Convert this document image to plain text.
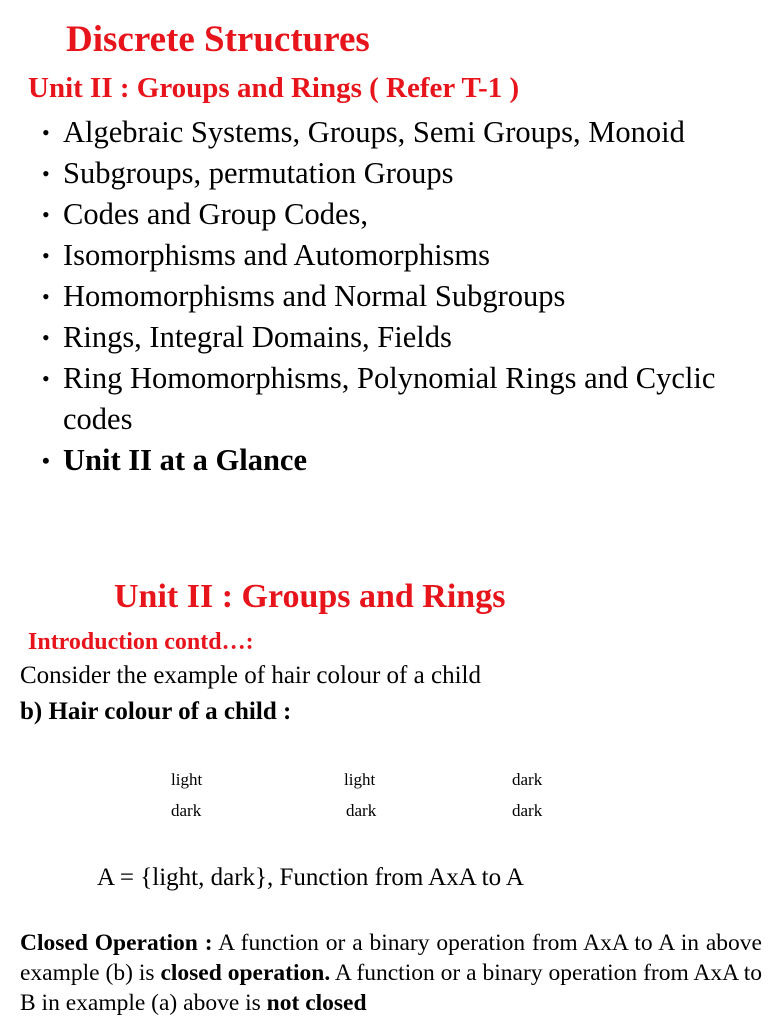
Discrete Structures
Unit II : Groups and Rings ( Refer T-1 )
• Algebraic Systems, Groups, Semi Groups, Monoid
• Subgroups, permutation Groups
• Codes and Group Codes,
• Isomorphisms and Automorphisms
• Homomorphisms and Normal Subgroups
• Rings, Integral Domains, Fields
• Ring Homomorphisms, Polynomial Rings and Cyclic codes
• Unit II at a Glance
Unit II : Groups and Rings
Introduction contd…:
Consider the example of hair colour of a child
b) Hair colour of a child :
light	light	dark
dark	dark	dark
A = {light, dark}, Function from AxA to A
Closed Operation : A function or a binary operation from AxA to A in above example (b) is closed operation. A function or a binary operation from AxA to B in example (a) above is not closed
